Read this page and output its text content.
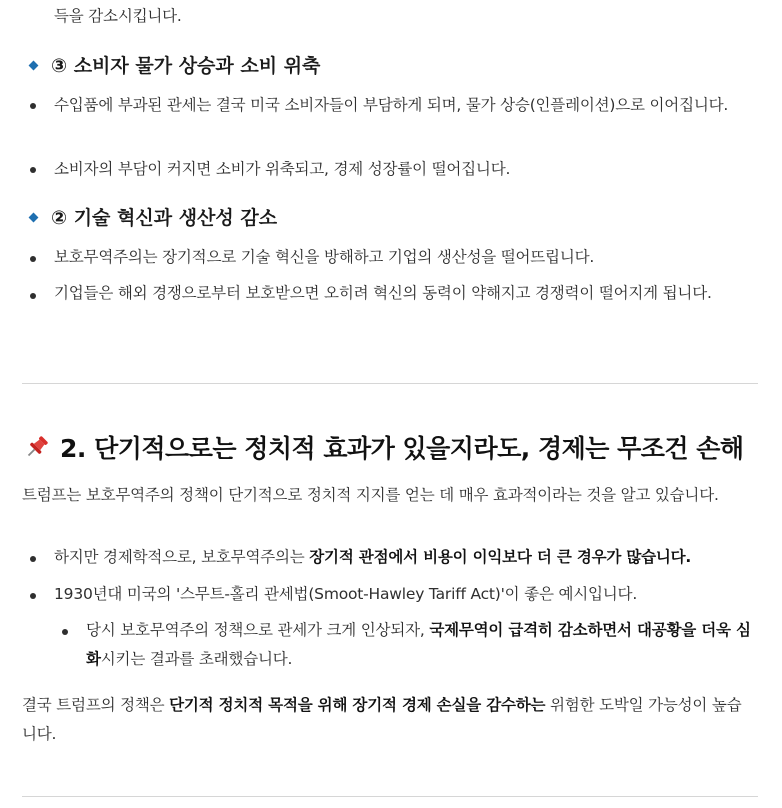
득을 감소시킵니다.

③ 소비자 물가 상승과 소비 위축

수입품에 부과된 관세는 결국 미국 소비자들이 부담하게 되며, 물가 상승(인플레이션)으로 이어집니다.

소비자의 부담이 커지면 소비가 위축되고, 경제 성장률이 떨어집니다.

② 기술 혁신과 생산성 감소

보호무역주의는 장기적으로 기술 혁신을 방해하고 기업의 생산성을 떨어뜨립니다.

기업들은 해외 경쟁으로부터 보호받으면 오히려 혁신의 동력이 약해지고 경쟁력이 떨어지게 됩니다.

2. 단기적으로는 정치적 효과가 있을지라도, 경제는 무조건 손해

트럼프는 보호무역주의 정책이 단기적으로 정치적 지지를 얻는 데 매우 효과적이라는 것을 알고 있습니다.

하지만 경제학적으로, 보호무역주의는 장기적 관점에서 비용이 이익보다 더 큰 경우가 많습니다.

1930년대 미국의 '스무트-홀리 관세법(Smoot-Hawley Tariff Act)'이 좋은 예시입니다.

당시 보호무역주의 정책으로 관세가 크게 인상되자, 국제무역이 급격히 감소하면서 대공황을 더욱 심화시키는 결과를 초래했습니다.

결국 트럼프의 정책은 단기적 정치적 목적을 위해 장기적 경제 손실을 감수하는 위험한 도박일 가능성이 높습니다.
